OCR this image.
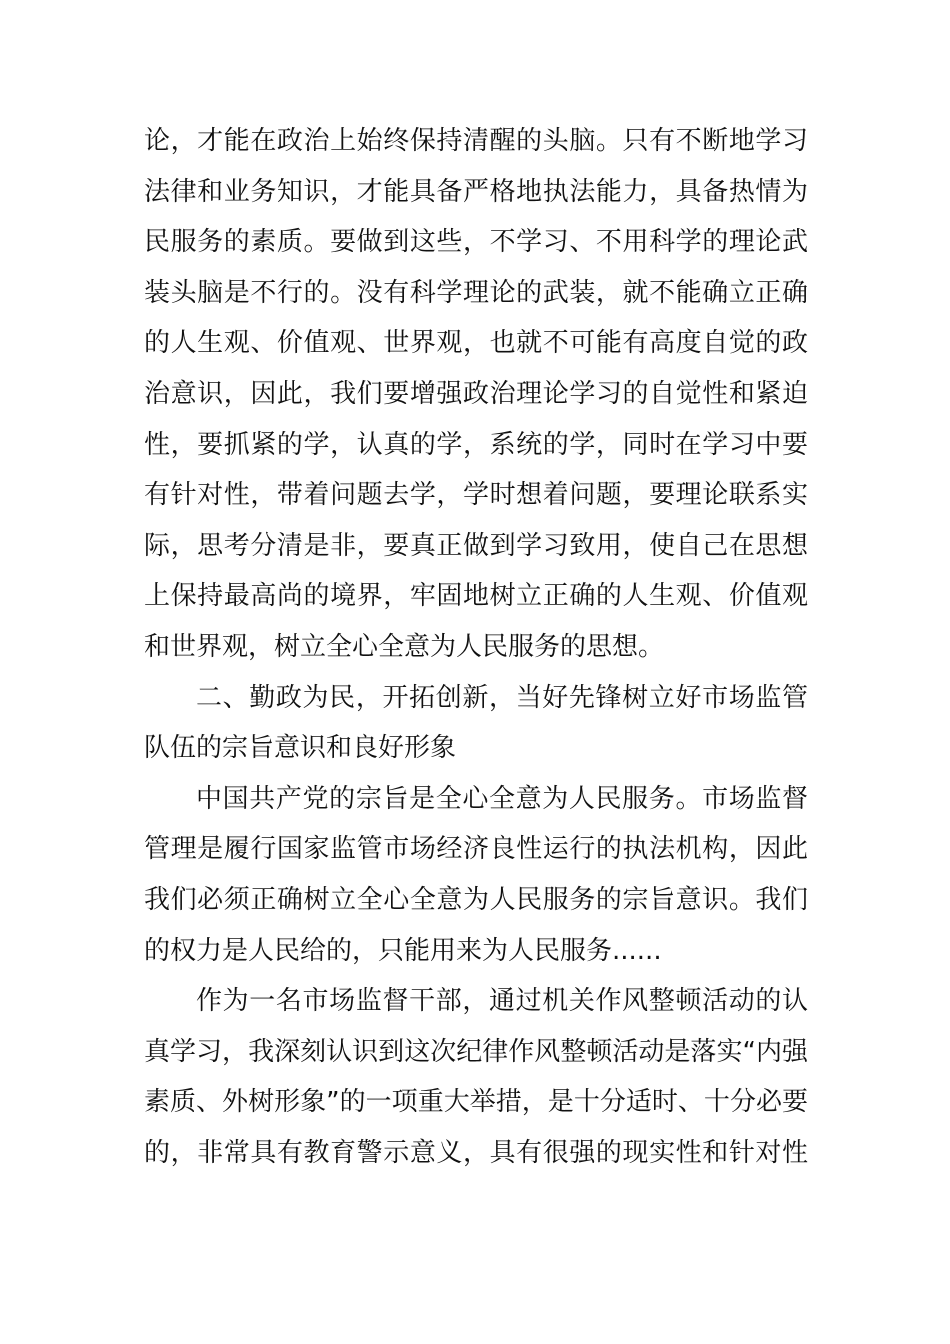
论，才能在政治上始终保持清醒的头脑。只有不断地学习
法律和业务知识，才能具备严格地执法能力，具备热情为
民服务的素质。要做到这些，不学习、不用科学的理论武
装头脑是不行的。没有科学理论的武装，就不能确立正确
的人生观、价值观、世界观，也就不可能有高度自觉的政
治意识，因此，我们要增强政治理论学习的自觉性和紧迫
性，要抓紧的学，认真的学，系统的学，同时在学习中要
有针对性，带着问题去学，学时想着问题，要理论联系实
际，思考分清是非，要真正做到学习致用，使自己在思想
上保持最高尚的境界，牢固地树立正确的人生观、价值观
和世界观，树立全心全意为人民服务的思想。
二、勤政为民，开拓创新，当好先锋树立好市场监管
队伍的宗旨意识和良好形象
中国共产党的宗旨是全心全意为人民服务。市场监督
管理是履行国家监管市场经济良性运行的执法机构，因此
我们必须正确树立全心全意为人民服务的宗旨意识。我们
的权力是人民给的，只能用来为人民服务......
作为一名市场监督干部，通过机关作风整顿活动的认
真学习，我深刻认识到这次纪律作风整顿活动是落实“内强
素质、外树形象”的一项重大举措，是十分适时、十分必要
的，非常具有教育警示意义，具有很强的现实性和针对性
